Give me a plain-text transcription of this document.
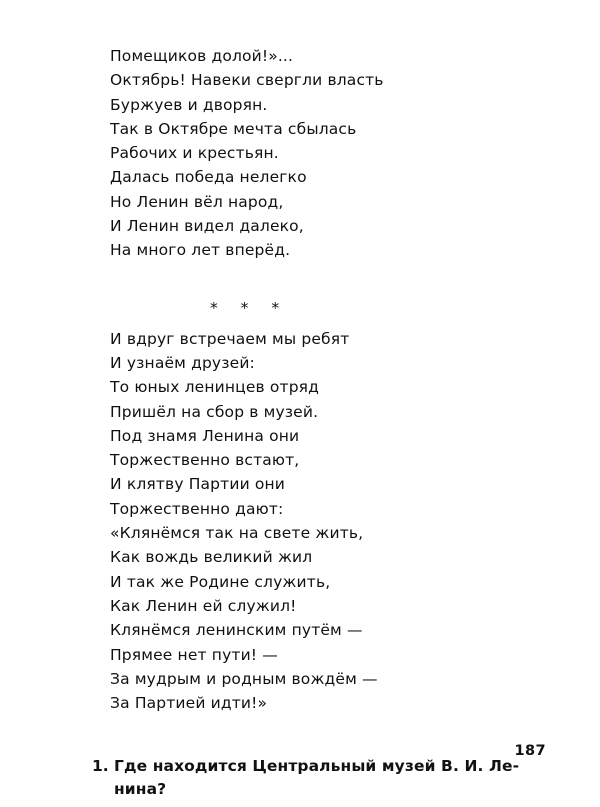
Помещиков долой!»...
Октябрь! Навеки свергли власть
Буржуев и дворян.
Так в Октябре мечта сбылась
Рабочих и крестьян.
Далась победа нелегко
Но Ленин вёл народ,
И Ленин видел далеко,
На много лет вперёд.
* * *
И вдруг встречаем мы ребят
И узнаём друзей:
То юных ленинцев отряд
Пришёл на сбор в музей.
Под знамя Ленина они
Торжественно встают,
И клятву Партии они
Торжественно дают:
«Клянёмся так на свете жить,
Как вождь великий жил
И так же Родине служить,
Как Ленин ей служил!
Клянёмся ленинским путём —
Прямее нет пути! —
За мудрым и родным вождём —
За Партией идти!»
1. Где находится Центральный музей В. И. Ленина?
187
